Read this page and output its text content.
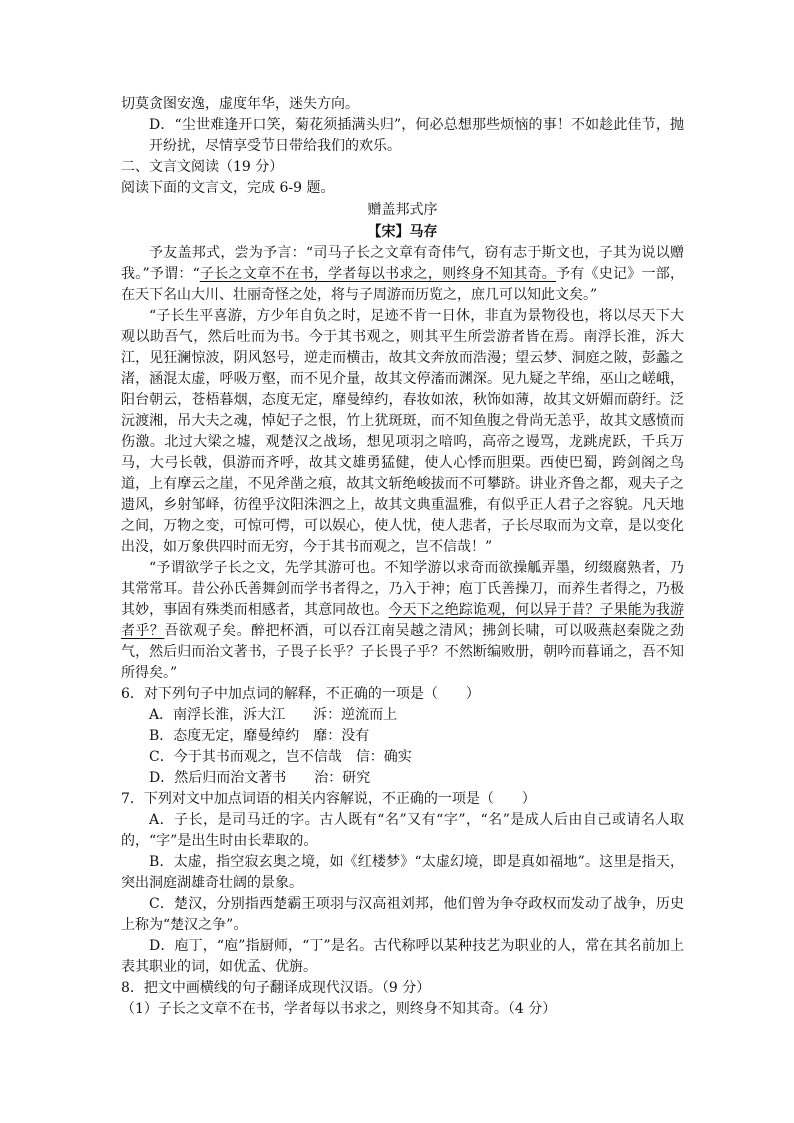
切莫贪图安逸，虚度年华，迷失方向。
D．“尘世难逢开口笑，菊花须插满头归”，何必总想那些烦恼的事！不如趁此佳节，抛开纷扰，尽情享受节日带给我们的欢乐。
二、文言文阅读（19 分）
阅读下面的文言文，完成 6-9 题。
赠盖邦式序
【宋】马存
予友盖邦式，尝为予言：“司马子长之文章有奇伟气，窃有志于斯文也，子其为说以赠我。”予谓：“子长之文章不在书，学者每以书求之，则终身不知其奇。予有《史记》一部，在天下名山大川、壮丽奇怪之处，将与子周游而历览之，庶几可以知此文矣。”
“子长生平喜游，方少年自负之时，足迹不肯一日休，非直为景物役也，将以尽天下大观以助吾气，然后吐而为书。今于其书观之，则其平生所尝游者皆在焉。南浮长淮，泝大江，见狂澜惊波，阴风怒号，逆走而横击，故其文奔放而浩漫；望云梦、洞庭之陂，彭蠡之渚，涵混太虚，呼吸万壑，而不见介量，故其文停滀而渊深。见九疑之芊绵，巫山之嵯峨，阳台朝云，苍梧暮烟，态度无定，靡曼绰约，春妆如浓，秋饰如薄，故其文妍媚而蔚纡。泛沅渡湘，吊大夫之魂，悼妃子之恨，竹上犹斑斑，而不知鱼腹之骨尚无恙乎，故其文感愤而伤激。北过大梁之墟，观楚汉之战场，想见项羽之喑呜，高帝之谩骂，龙跳虎跃，千兵万马，大弓长戟，俱游而齐呼，故其文雄勇猛健，使人心悸而胆栗。西使巴蜀，跨剑阁之鸟道，上有摩云之崖，不见斧凿之痕，故其文斩绝峻拔而不可攀跻。讲业齐鲁之都，观夫子之遗风，乡射邹峄，彷徨乎汶阳洙泗之上，故其文典重温雅，有似乎正人君子之容貌。凡天地之间，万物之变，可惊可愕，可以娱心，使人忧，使人悲者，子长尽取而为文章，是以变化出没，如万象供四时而无穷，今于其书而观之，岂不信哉！”
“予谓欲学子长之文，先学其游可也。不知学游以求奇而欲操觚弄墨，纫缀腐熟者，乃其常常耳。昔公孙氏善舞剑而学书者得之，乃入于神；庖丁氏善操刀，而养生者得之，乃极其妙，事固有殊类而相感者，其意同故也。今天下之绝踪诡观，何以异于昔？子果能为我游者乎？吾欲观子矣。醉把杯酒，可以吞江南吴越之清风；拂剑长啸，可以吸燕赵秦陇之劲气，然后归而治文著书，子畏子长乎？子长畏子乎？不然断编败册，朝吟而暮诵之，吾不知所得矣。”
6．对下列句子中加点词的解释，不正确的一项是（　　）
A．南浮长淮，泝大江　　泝：逆流而上
B．态度无定，靡曼绰约　靡：没有
C．今于其书而观之，岂不信哉　信：确实
D．然后归而治文著书　　治：研究
7．下列对文中加点词语的相关内容解说，不正确的一项是（　　）
A．子长，是司马迁的字。古人既有“名”又有“字”，“名”是成人后由自己或请名人取的，“字”是出生时由长辈取的。
B．太虚，指空寂玄奥之境，如《红楼梦》“太虚幻境，即是真如福地”。这里是指天，突出洞庭湖雄奇壮阔的景象。
C．楚汉，分别指西楚霸王项羽与汉高祖刘邦，他们曾为争夺政权而发动了战争，历史上称为“楚汉之争”。
D．庖丁，“庖”指厨师，“丁”是名。古代称呼以某种技艺为职业的人，常在其名前加上表其职业的词，如优孟、优旃。
8．把文中画横线的句子翻译成现代汉语。（9 分）
（1）子长之文章不在书，学者每以书求之，则终身不知其奇。（4 分）
